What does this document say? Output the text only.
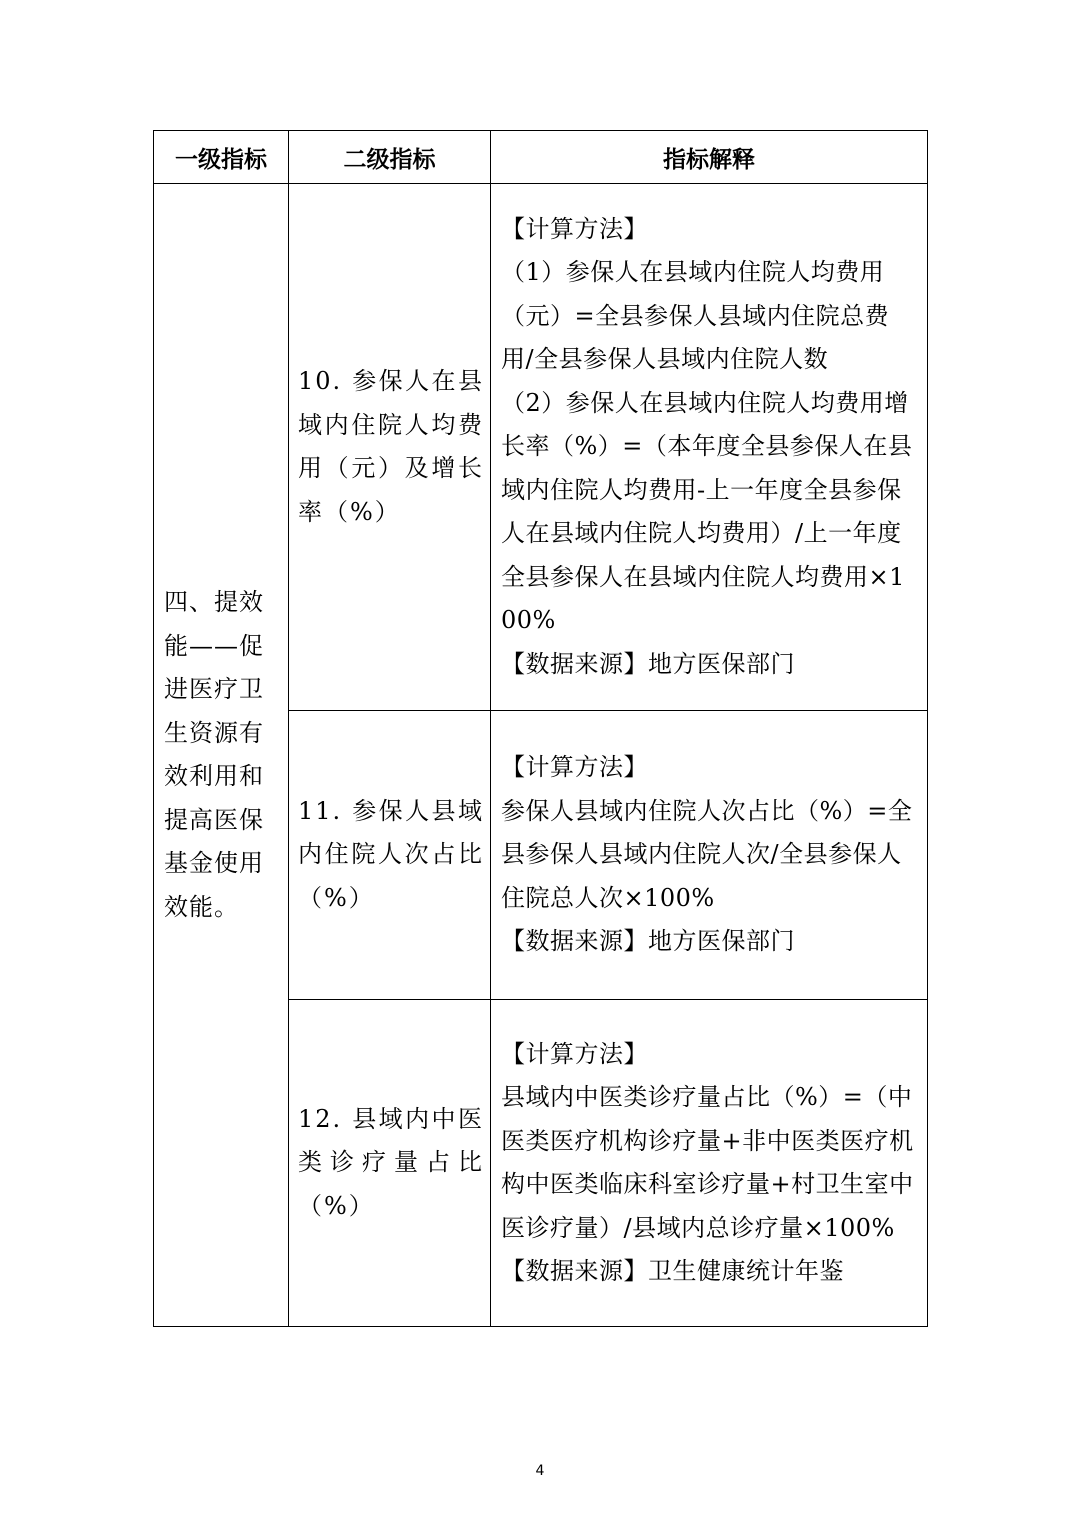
一级指标	二级指标	指标解释

四、提效能——促进医疗卫生资源有效利用和提高医保基金使用效能。	10. 参保人在县域内住院人均费用（元）及增长率（%）	【计算方法】
（1）参保人在县域内住院人均费用（元）=全县参保人县域内住院总费用/全县参保人县域内住院人数
（2）参保人在县域内住院人均费用增长率（%）=（本年度全县参保人在县域内住院人均费用-上一年度全县参保人在县域内住院人均费用）/上一年度全县参保人在县域内住院人均费用×100%
【数据来源】地方医保部门

	11. 参保人县域内住院人次占比（%）	【计算方法】
参保人县域内住院人次占比（%）=全县参保人县域内住院人次/全县参保人住院总人次×100%
【数据来源】地方医保部门

	12. 县域内中医类诊疗量占比（%）	【计算方法】
县域内中医类诊疗量占比（%）=（中医类医疗机构诊疗量+非中医类医疗机构中医类临床科室诊疗量+村卫生室中医诊疗量）/县域内总诊疗量×100%
【数据来源】卫生健康统计年鉴
4
